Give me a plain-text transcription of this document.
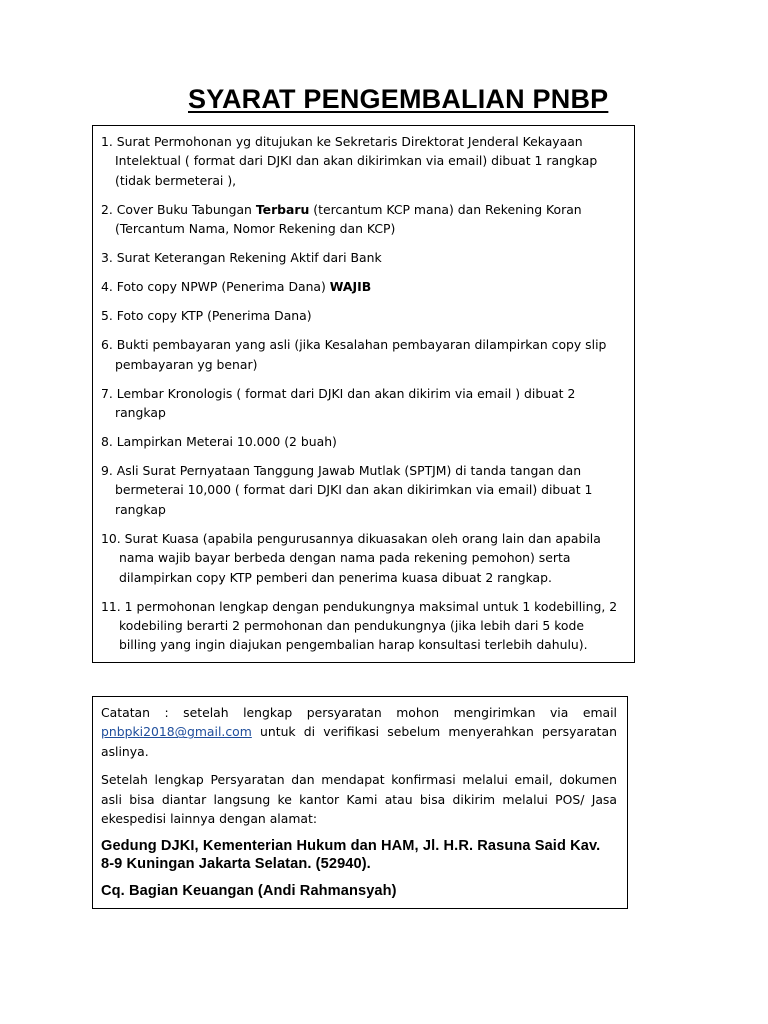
SYARAT PENGEMBALIAN PNBP
1. Surat Permohonan yg ditujukan ke Sekretaris Direktorat Jenderal Kekayaan Intelektual ( format dari DJKI dan akan dikirimkan via email) dibuat 1 rangkap (tidak bermeterai ),
2. Cover Buku Tabungan Terbaru (tercantum KCP mana) dan Rekening Koran (Tercantum Nama, Nomor Rekening dan KCP)
3. Surat Keterangan Rekening Aktif dari Bank
4. Foto copy NPWP (Penerima Dana) WAJIB
5. Foto copy KTP (Penerima Dana)
6. Bukti pembayaran yang asli (jika Kesalahan pembayaran dilampirkan copy slip pembayaran yg benar)
7. Lembar Kronologis ( format dari DJKI dan akan dikirim via email ) dibuat 2 rangkap
8. Lampirkan Meterai 10.000 (2 buah)
9. Asli Surat Pernyataan Tanggung Jawab Mutlak (SPTJM) di tanda tangan dan bermeterai 10,000 ( format dari DJKI dan akan dikirimkan via email) dibuat 1 rangkap
10. Surat Kuasa (apabila pengurusannya dikuasakan oleh orang lain dan apabila nama wajib bayar berbeda dengan nama pada rekening pemohon) serta dilampirkan copy KTP pemberi dan penerima kuasa dibuat 2 rangkap.
11. 1 permohonan lengkap dengan pendukungnya maksimal untuk 1 kodebilling, 2 kodebiling berarti 2 permohonan dan pendukungnya (jika lebih dari 5 kode billing yang ingin diajukan pengembalian harap konsultasi terlebih dahulu).

Catatan : setelah lengkap persyaratan mohon mengirimkan via email pnbpki2018@gmail.com untuk di verifikasi sebelum menyerahkan persyaratan aslinya.

Setelah lengkap Persyaratan dan mendapat konfirmasi melalui email, dokumen asli bisa diantar langsung ke kantor Kami atau bisa dikirim melalui POS/ Jasa ekespedisi lainnya dengan alamat:

Gedung DJKI, Kementerian Hukum dan HAM, Jl. H.R. Rasuna Said Kav. 8-9 Kuningan Jakarta Selatan. (52940).

Cq. Bagian Keuangan (Andi Rahmansyah)
